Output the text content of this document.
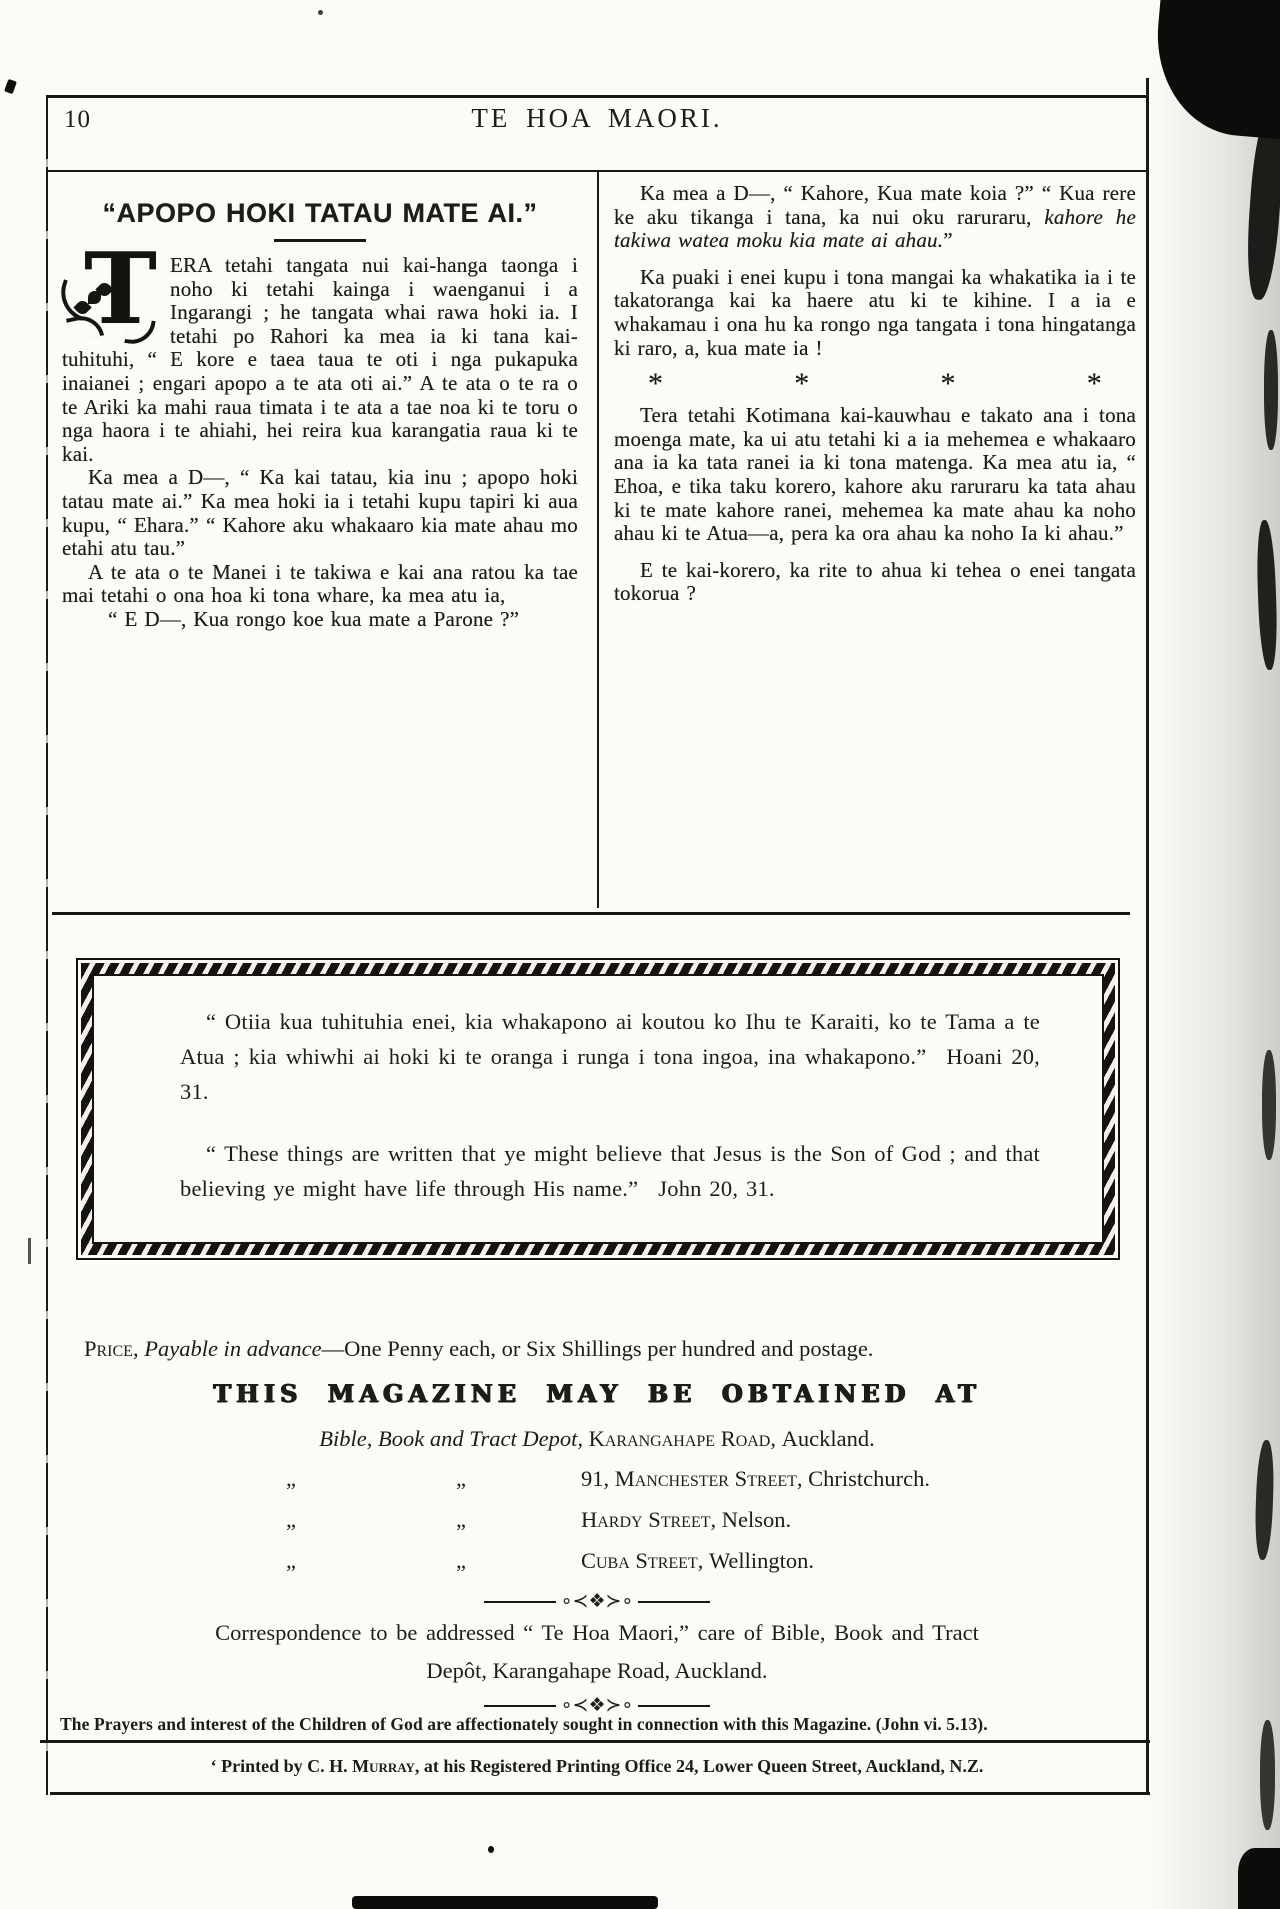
10	TE HOA MAORI.
“APOPO HOKI TATAU MATE AI.”

T ERA tetahi tangata nui kai-hanga taonga i noho ki tetahi kainga i waenganui i a Ingarangi ; he tangata whai rawa hoki ia. I tetahi po Rahori ka mea ia ki tana kai-tuhituhi, “ E kore e taea taua te oti i nga pukapuka inaianei ; engari apopo a te ata oti ai.” A te ata o te ra o te Ariki ka mahi raua timata i te ata a tae noa ki te toru o nga haora i te ahiahi, hei reira kua karangatia raua ki te kai.

Ka mea a D—, “ Ka kai tatau, kia inu ; apopo hoki tatau mate ai.” Ka mea hoki ia i tetahi kupu tapiri ki aua kupu, “ Ehara.” “ Kahore aku whakaaro kia mate ahau mo etahi atu tau.”

A te ata o te Manei i te takiwa e kai ana ratou ka tae mai tetahi o ona hoa ki tona whare, ka mea atu ia,

“ E D—, Kua rongo koe kua mate a Parone ?”

Ka mea a D—, “ Kahore, Kua mate koia ?” “ Kua rere ke aku tikanga i tana, ka nui oku raruraru, kahore he takiwa watea moku kia mate ai ahau.”

Ka puaki i enei kupu i tona mangai ka whakatika ia i te takatoranga kai ka haere atu ki te kihine. I a ia e whakamau i ona hu ka rongo nga tangata i tona hingatanga ki raro, a, kua mate ia !

*	*	*	*

Tera tetahi Kotimana kai-kauwhau e takato ana i tona moenga mate, ka ui atu tetahi ki a ia mehemea e whakaaro ana ia ka tata ranei ia ki tona matenga. Ka mea atu ia, “ Ehoa, e tika taku korero, kahore aku raruraru ka tata ahau ki te mate kahore ranei, mehemea ka mate ahau ka noho ahau ki te Atua—a, pera ka ora ahau ka noho Ia ki ahau.”

E te kai-korero, ka rite to ahua ki tehea o enei tangata tokorua ?

“ Otiia kua tuhituhia enei, kia whakapono ai koutou ko Ihu te Karaiti, ko te Tama a te Atua ; kia whiwhi ai hoki ki te oranga i runga i tona ingoa, ina whakapono.” Hoani 20, 31.

“ These things are written that ye might believe that Jesus is the Son of God ; and that believing ye might have life through His name.” John 20, 31.

Price, Payable in advance—One Penny each, or Six Shillings per hundred and postage.
THIS MAGAZINE MAY BE OBTAINED AT
Bible, Book and Tract Depot, Karangahape Road, Auckland.
„	„	91, Manchester Street, Christchurch.
„	„	Hardy Street, Nelson.
„	„	Cuba Street, Wellington.
∘≺❖≻∘
Correspondence to be addressed “ Te Hoa Maori,” care of Bible, Book and Tract
Depôt, Karangahape Road, Auckland.
∘≺❖≻∘
The Prayers and interest of the Children of God are affectionately sought in connection with this Magazine. (John vi. 5.13).
‘ Printed by C. H. Murray, at his Registered Printing Office 24, Lower Queen Street, Auckland, N.Z.
